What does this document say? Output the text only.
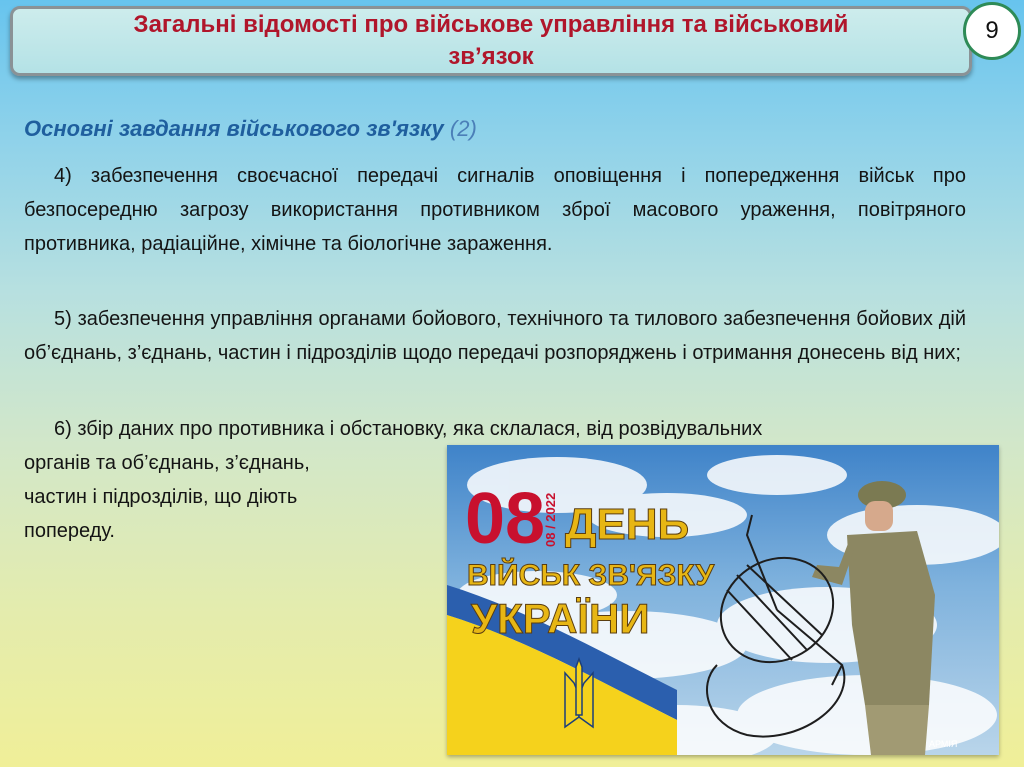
Загальні відомості про військове управління та військовий
зв’язок
9
Основні завдання військового зв'язку (2)

4) забезпечення своєчасної передачі сигналів оповіщення і попередження військ про безпосередню загрозу використання противником зброї масового ураження, повітряного противника, радіаційне, хімічне та біологічне зараження.

5) забезпечення управління органами бойового, технічного та тилового забезпечення бойових дій об’єднань, з’єднань, частин і підрозділів щодо передачі розпоряджень і отримання донесень від них;

6) збір даних про противника і обстановку, яка склалася, від розвідувальних

органів та об’єднань, з’єднань,
частин і підрозділів, що діють
попереду.	08
08 / 2022 ДЕНЬ
ВІЙСЬК ЗВ'ЯЗКУ
УКРАЇНИ
АРМІЯ
